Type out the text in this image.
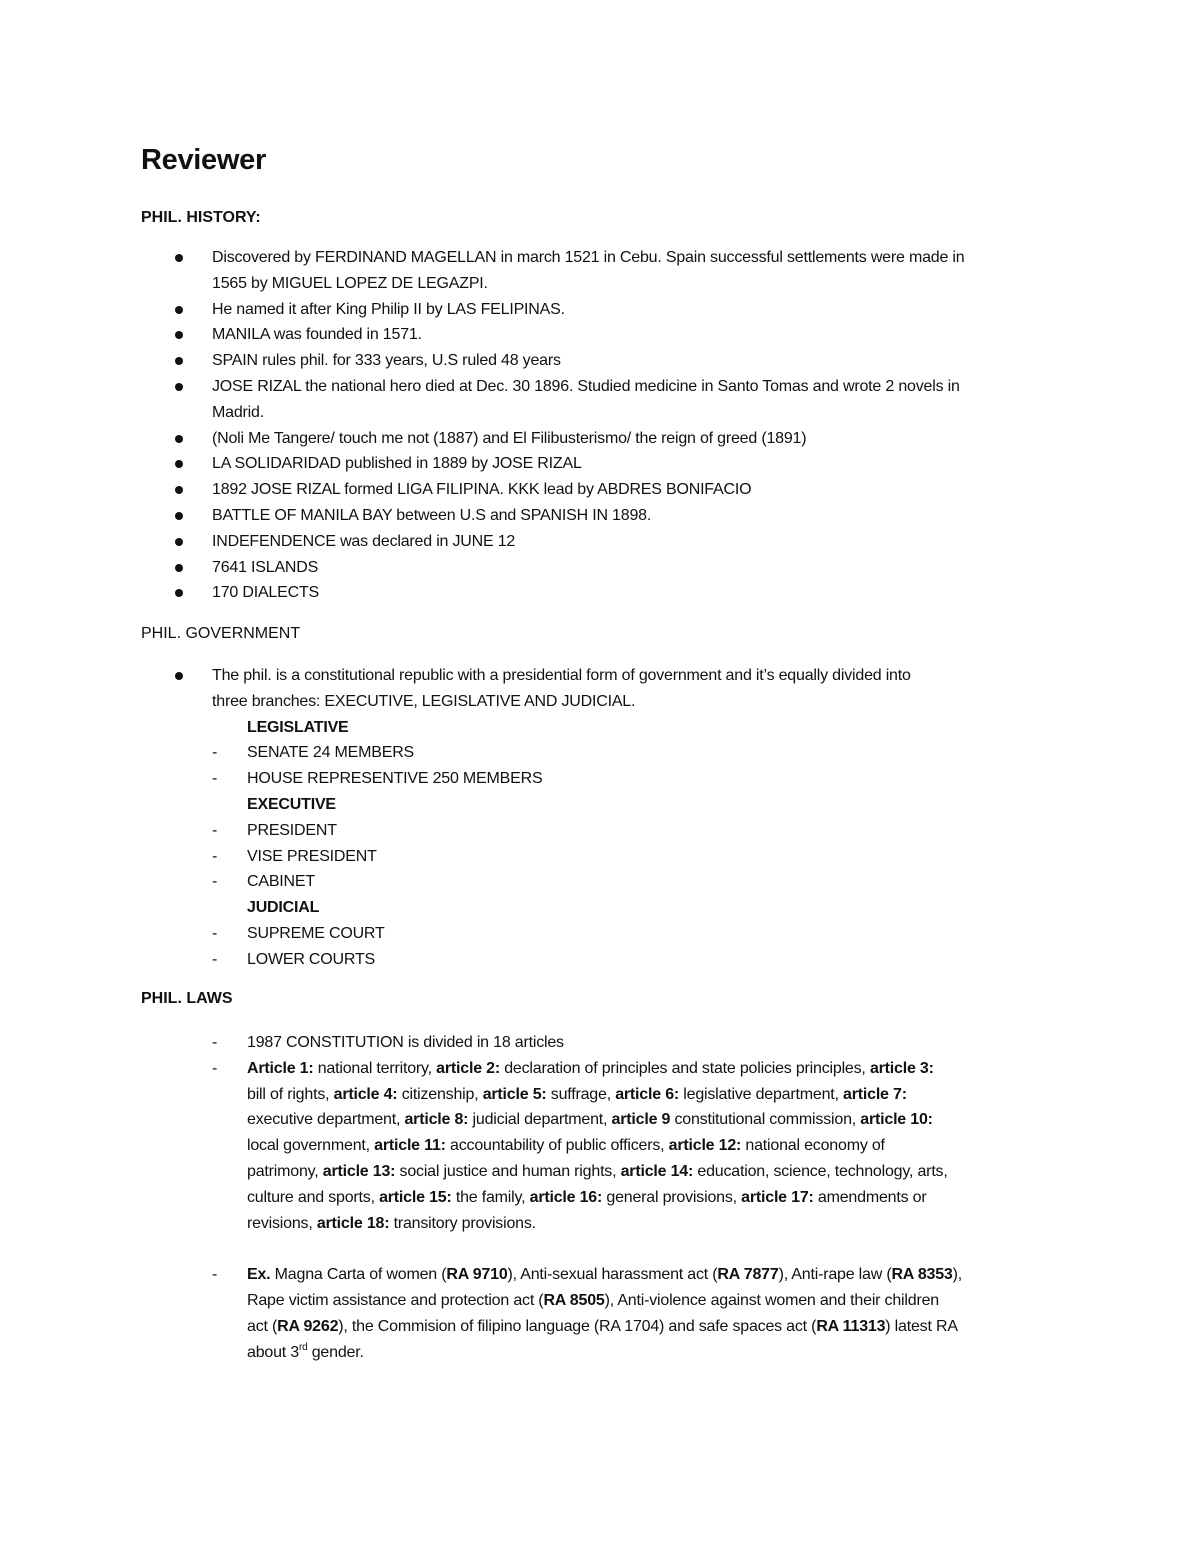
Reviewer

PHIL. HISTORY:

Discovered by FERDINAND MAGELLAN in march 1521 in Cebu. Spain successful settlements were made in
1565 by MIGUEL LOPEZ DE LEGAZPI.
He named it after King Philip II by LAS FELIPINAS.
MANILA was founded in 1571.
SPAIN rules phil. for 333 years, U.S ruled 48 years
JOSE RIZAL the national hero died at Dec. 30 1896. Studied medicine in Santo Tomas and wrote 2 novels in
Madrid.
(Noli Me Tangere/ touch me not (1887) and El Filibusterismo/ the reign of greed (1891)
LA SOLIDARIDAD published in 1889 by JOSE RIZAL
1892 JOSE RIZAL formed LIGA FILIPINA. KKK lead by ABDRES BONIFACIO
BATTLE OF MANILA BAY between U.S and SPANISH IN 1898.
INDEFENDENCE was declared in JUNE 12
7641 ISLANDS
170 DIALECTS

PHIL. GOVERNMENT

The phil. is a constitutional republic with a presidential form of government and it’s equally divided into
three branches: EXECUTIVE, LEGISLATIVE AND JUDICIAL.
LEGISLATIVE
- SENATE 24 MEMBERS
- HOUSE REPRESENTIVE 250 MEMBERS
EXECUTIVE
- PRESIDENT
- VISE PRESIDENT
- CABINET
JUDICIAL
- SUPREME COURT
- LOWER COURTS

PHIL. LAWS

- 1987 CONSTITUTION is divided in 18 articles
- Article 1: national territory, article 2: declaration of principles and state policies principles, article 3:
bill of rights, article 4: citizenship, article 5: suffrage, article 6: legislative department, article 7:
executive department, article 8: judicial department, article 9 constitutional commission, article 10:
local government, article 11: accountability of public officers, article 12: national economy of
patrimony, article 13: social justice and human rights, article 14: education, science, technology, arts,
culture and sports, article 15: the family, article 16: general provisions, article 17: amendments or
revisions, article 18: transitory provisions.
- Ex. Magna Carta of women (RA 9710), Anti-sexual harassment act (RA 7877), Anti-rape law (RA 8353),
Rape victim assistance and protection act (RA 8505), Anti-violence against women and their children
act (RA 9262), the Commision of filipino language (RA 1704) and safe spaces act (RA 11313) latest RA
about 3rd gender.
